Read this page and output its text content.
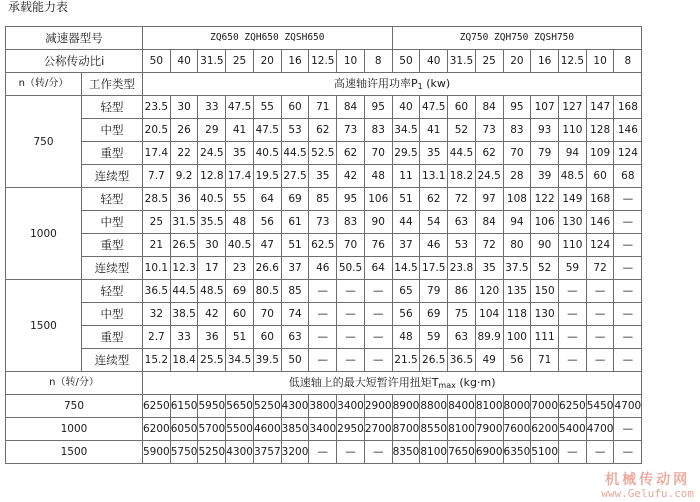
承载能力表
减速器型号		ZQ650 ZQH650 ZQSH650									ZQ750 ZQH750 ZQSH750								
公称传动比i		50	40	31.5	25	20	16	12.5	10	8	50	40	31.5	25	20	16	12.5	10	8
n（转/分）	工作类型	高速轴许用功率$P_1$ (kw)																	
750	轻型	23.5	30	33	47.5	55	60	71	84	95	40	47.5	60	84	95	107	127	147	168
	中型	20.5	26	29	41	47.5	53	62	73	83	34.5	41	52	73	83	93	110	128	146
	重型	17.4	22	24.5	35	40.5	44.5	52.5	62	70	29.5	35	44.5	62	70	79	94	109	124
	连续型	7.7	9.2	12.8	17.4	19.5	27.5	35	42	48	11	13.1	18.2	24.5	28	39	48.5	60	68
1000	轻型	28.5	36	40.5	55	64	69	85	95	106	51	62	72	97	108	122	149	168	—
	中型	25	31.5	35.5	48	56	61	73	83	90	44	54	63	84	94	106	130	146	—
	重型	21	26.5	30	40.5	47	51	62.5	70	76	37	46	53	72	80	90	110	124	—
	连续型	10.1	12.3	17	23	26.6	37	46	50.5	64	14.5	17.5	23.8	35	37.5	52	59	72	—
1500	轻型	36.5	44.5	48.5	69	80.5	85	—	—	—	65	79	86	120	135	150	—	—	—
	中型	32	38.5	42	60	70	74	—	—	—	56	69	75	104	118	130	—	—	—
	重型	2.7	33	36	51	60	63	—	—	—	48	59	63	89.9	100	111	—	—	—
	连续型	15.2	18.4	25.5	34.5	39.5	50	—	—	—	21.5	26.5	36.5	49	56	71	—	—	—
n（转/分）		低速轴上的最大短暂许用扭矩$T_{max}$ (kg·m)																	
750		6250	6150	5950	5650	5250	4300	3800	3400	2900	8900	8800	8400	8100	8000	7000	6250	5450	4700
1000		6200	6050	5700	5500	4600	3850	3400	2950	2700	8700	8550	8100	7900	7600	6200	5400	4700	—
1500		5900	5750	5250	4300	3757	3200	—	—	—	8350	8100	7650	6900	6350	5100	—	—	—
机械传动网
www.Gelufu.com
